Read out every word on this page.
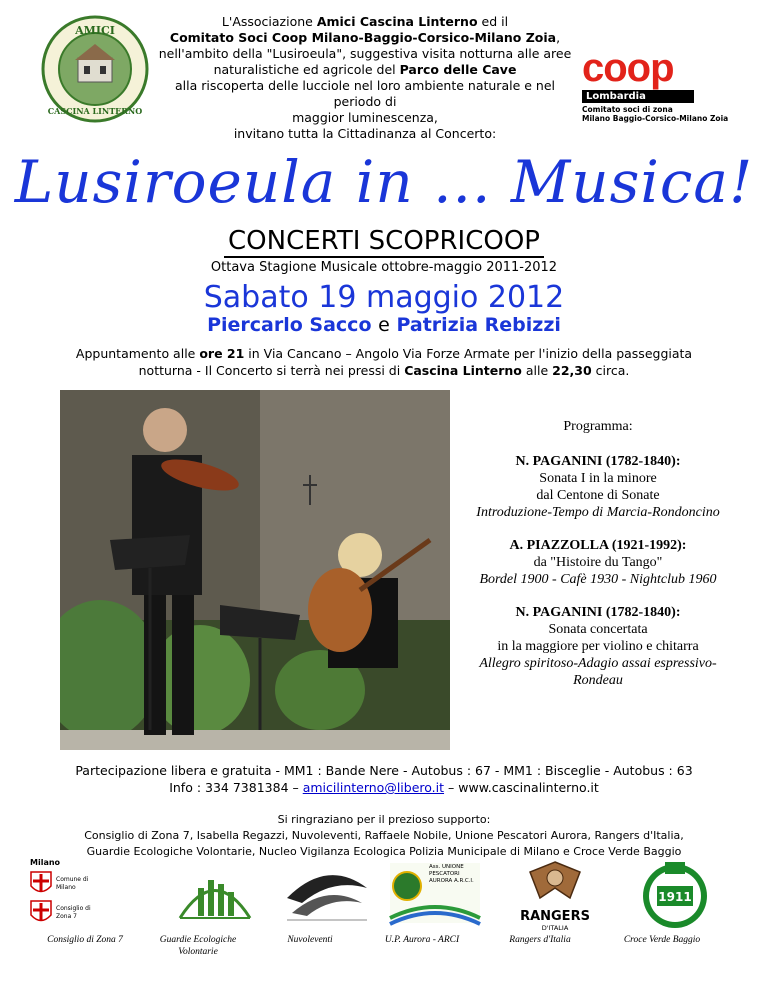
AMICI
CASCINA LINTERNO
L'Associazione Amici Cascina Linterno ed il
Comitato Soci Coop Milano-Baggio-Corsico-Milano Zoia,
nell'ambito della "Lusiroeula", suggestiva visita notturna alle aree
naturalistiche ed agricole del Parco delle Cave
alla riscoperta delle lucciole nel loro ambiente naturale e nel periodo di
maggior luminescenza,
invitano tutta la Cittadinanza al Concerto:
coop
Lombardia
Comitato soci di zona
Milano Baggio-Corsico-Milano Zoia
Lusiroeula in ... Musica!
CONCERTI SCOPRICOOP
Ottava Stagione Musicale ottobre-maggio 2011-2012
Sabato 19 maggio 2012
Piercarlo Sacco e Patrizia Rebizzi
Appuntamento alle ore 21 in Via Cancano – Angolo Via Forze Armate per l'inizio della passeggiata
notturna - Il Concerto si terrà nei pressi di Cascina Linterno alle 22,30 circa.
Programma:
N. PAGANINI (1782-1840):
Sonata I in la minore
dal Centone di Sonate
Introduzione-Tempo di Marcia-Rondoncino
A. PIAZZOLLA (1921-1992):
da "Histoire du Tango"
Bordel 1900 - Cafè 1930 - Nightclub 1960
N. PAGANINI (1782-1840):
Sonata concertata
in la maggiore per violino e chitarra
Allegro spiritoso-Adagio assai espressivo-Rondeau
Partecipazione libera e gratuita - MM1 : Bande Nere - Autobus : 67 - MM1 : Bisceglie - Autobus : 63
Info : 334 7381384 – amicilinterno@libero.it – www.cascinalinterno.it
Si ringraziano per il prezioso supporto:
Consiglio di Zona 7, Isabella Regazzi, Nuvoleventi, Raffaele Nobile, Unione Pescatori Aurora, Rangers d'Italia,
Guardie Ecologiche Volontarie, Nucleo Vigilanza Ecologica Polizia Municipale di Milano e Croce Verde Baggio
Milano
Comune di Milano
Consiglio di Zona 7
Ass. UNIONE PESCATORI AURORA A.R.C.I.
RANGERS
D'ITALIA
1911
Consiglio di Zona 7	Guardie Ecologiche Volontarie
Nuvoleventi	U.P. Aurora - ARCI	Rangers d'Italia	Croce Verde Baggio
